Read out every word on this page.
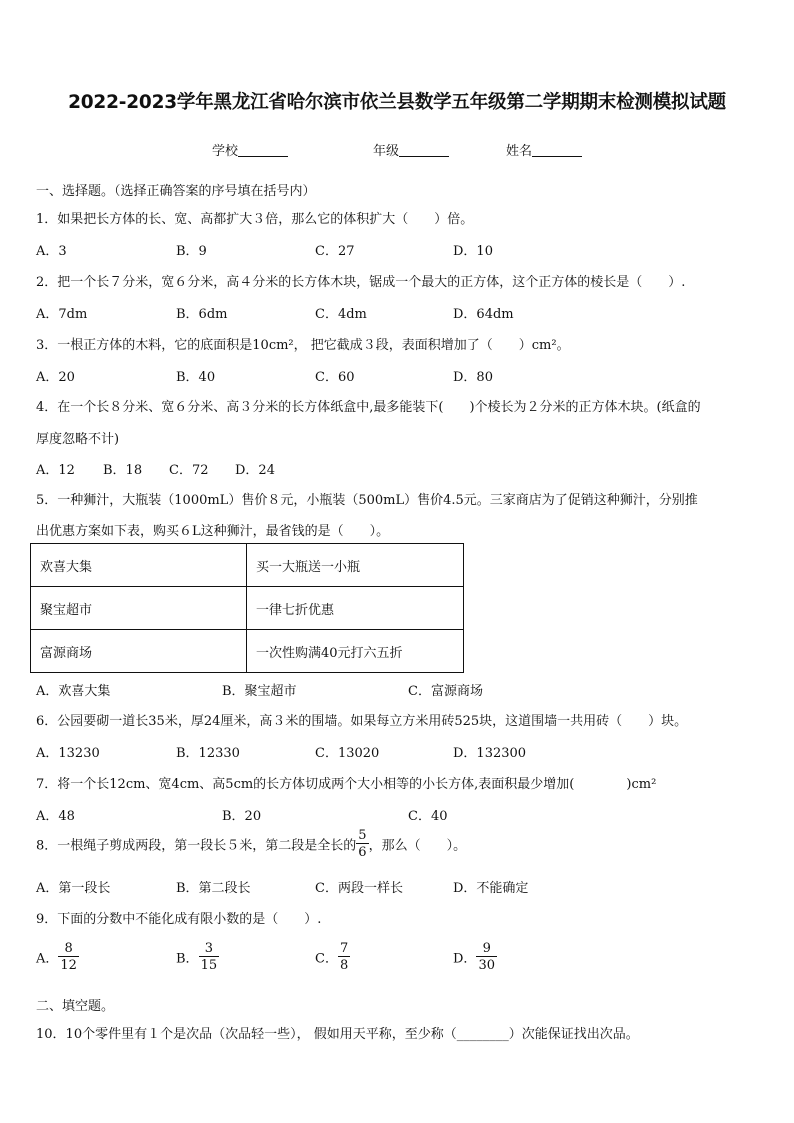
2022-2023学年黑龙江省哈尔滨市依兰县数学五年级第二学期期末检测模拟试题
学校	年级	姓名
一、选择题。（选择正确答案的序号填在括号内）
1．如果把长方体的长、宽、高都扩大３倍，那么它的体积扩大（　　）倍。
A．3	B．9	C．27	D．10
2．把一个长７分米，宽６分米，高４分米的长方体木块，锯成一个最大的正方体，这个正方体的棱长是（　　）.
A．7dm	B．6dm	C．4dm	D．64dm
3．一根正方体的木料，它的底面积是10cm²， 把它截成３段，表面积增加了（　　）cm²。
A．20	B．40	C．60	D．80
4．在一个长８分米、宽６分米、高３分米的长方体纸盒中,最多能装下(　　)个棱长为２分米的正方体木块。(纸盒的
厚度忽略不计)
A．12 B．18 C．72 D．24
5．一种狮汁，大瓶装（1000mL）售价８元，小瓶装（500mL）售价4.5元。三家商店为了促销这种狮汁，分别推
出优惠方案如下表，购买６L这种狮汁，最省钱的是（　　）。
欢喜大集	买一大瓶送一小瓶
聚宝超市	一律七折优惠
富源商场	一次性购满40元打六五折
A．欢喜大集	B．聚宝超市	C．富源商场
6．公园要砌一道长35米，厚24厘米，高３米的围墙。如果每立方米用砖525块，这道围墙一共用砖（　　）块。
A．13230	B．12330	C．13020	D．132300
7．将一个长12cm、宽4cm、高5cm的长方体切成两个大小相等的小长方体,表面积最少增加(　　　　)cm²
A．48	B．20	C．40
8．一根绳子剪成两段，第一段长５米，第二段是全长的 $\frac{5}{6}$ ，那么（　　）。
A．第一段长	B．第二段长	C．两段一样长	D．不能确定
9．下面的分数中不能化成有限小数的是（　　）.
A． $\frac{8}{12}$	B． $\frac{3}{15}$	C． $\frac{7}{8}$	D． $\frac{9}{30}$
二、填空题。
10．10个零件里有１个是次品（次品轻一些）， 假如用天平称，至少称（________）次能保证找出次品。
